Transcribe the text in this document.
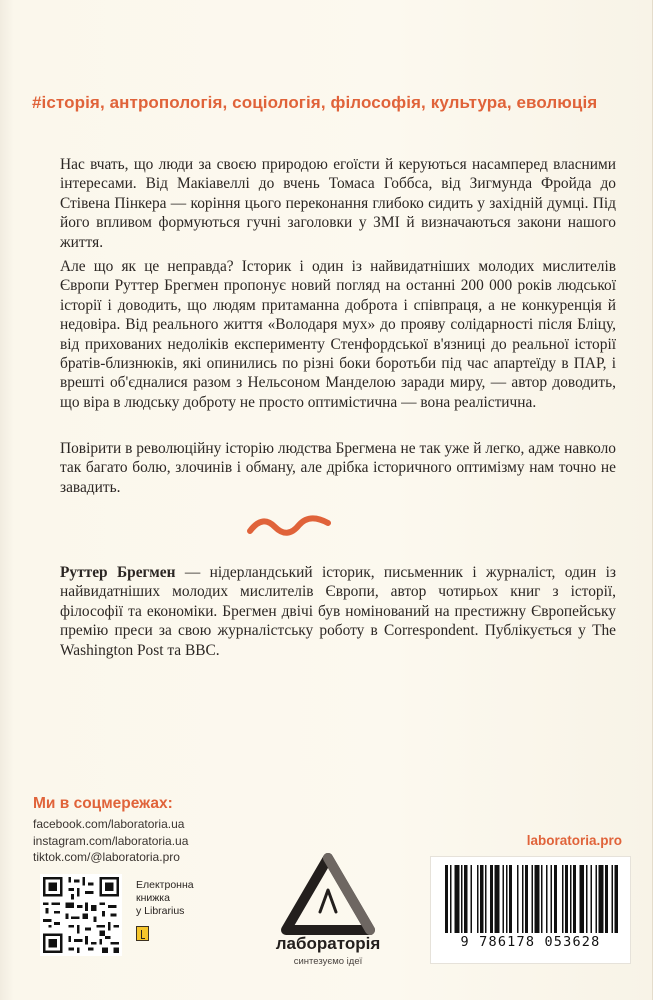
#історія, антропологія, соціологія, філософія, культура, еволюція

Нас вчать, що люди за своєю природою егоїсти й керуються насамперед власними інтересами. Від Макіавеллі до вчень Томаса Гоббса, від Зигмунда Фройда до Стівена Пінкера — коріння цього переконання глибоко сидить у західній думці. Під його впливом формуються гучні заголовки у ЗМІ й визначаються закони нашого життя.

Але що як це неправда? Історик і один із найвидатніших молодих мислителів Європи Руттер Брегмен пропонує новий погляд на останні 200 000 років людської історії і доводить, що людям притаманна доброта і співпраця, а не конкуренція й недовіра. Від реального життя «Володаря мух» до прояву солідарності після Бліцу, від прихованих недоліків експерименту Стенфордської в'язниці до реальної історії братів-близнюків, які опинились по різні боки боротьби під час апартеїду в ПАР, і врешті об'єдналися разом з Нельсоном Манделою заради миру, — автор доводить, що віра в людську доброту не просто оптимістична — вона реалістична.

Повірити в революційну історію людства Брегмена не так уже й легко, адже навколо так багато болю, злочинів і обману, але дрібка історичного оптимізму нам точно не завадить.

Руттер Брегмен — нідерландський історик, письменник і журналіст, один із найвидатніших молодих мислителів Європи, автор чотирьох книг з історії, філософії та економіки. Брегмен двічі був номінований на престижну Європейську премію преси за свою журналістську роботу в Correspondent. Публікується у The Washington Post та BBC.

Ми в соцмережах:
facebook.com/laboratoria.ua
instagram.com/laboratoria.ua
tiktok.com/@laboratoria.pro
laboratoria.pro
Електронна
книжка
у Librarius
лабораторія
синтезуємо ідеї
9 786178 053628
